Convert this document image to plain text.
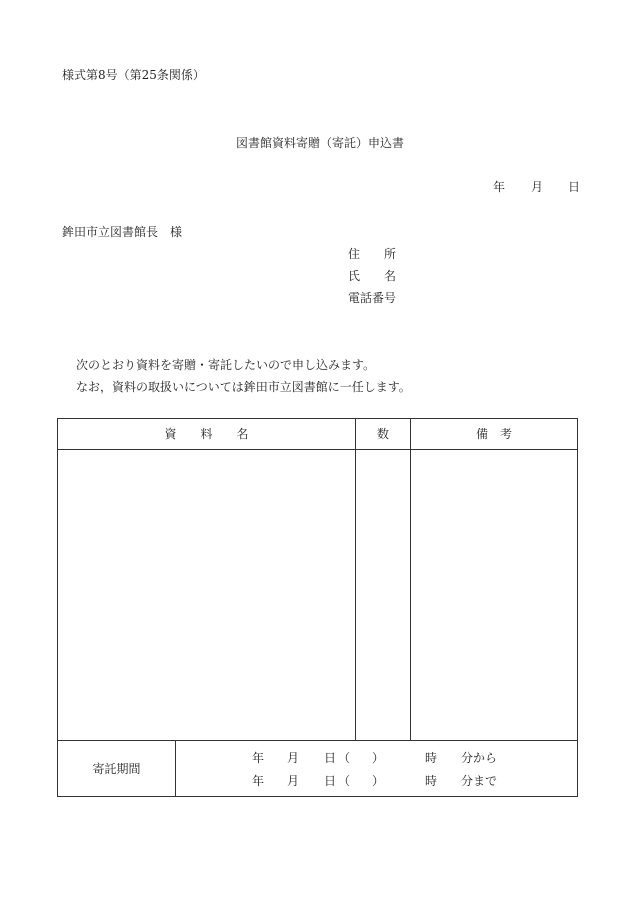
様式第8号（第25条関係）
図書館資料寄贈（寄託）申込書
年 月 日
鉾田市立図書館長　様
住　　所
氏　　名
電話番号
次のとおり資料を寄贈・寄託したいので申し込みます。
なお，資料の取扱いについては鉾田市立図書館に一任します。
資　　料　　名	数	備　考
寄託期間
年 月 日 （ ）	時 分から
年 月 日 （ ）	時 分まで
